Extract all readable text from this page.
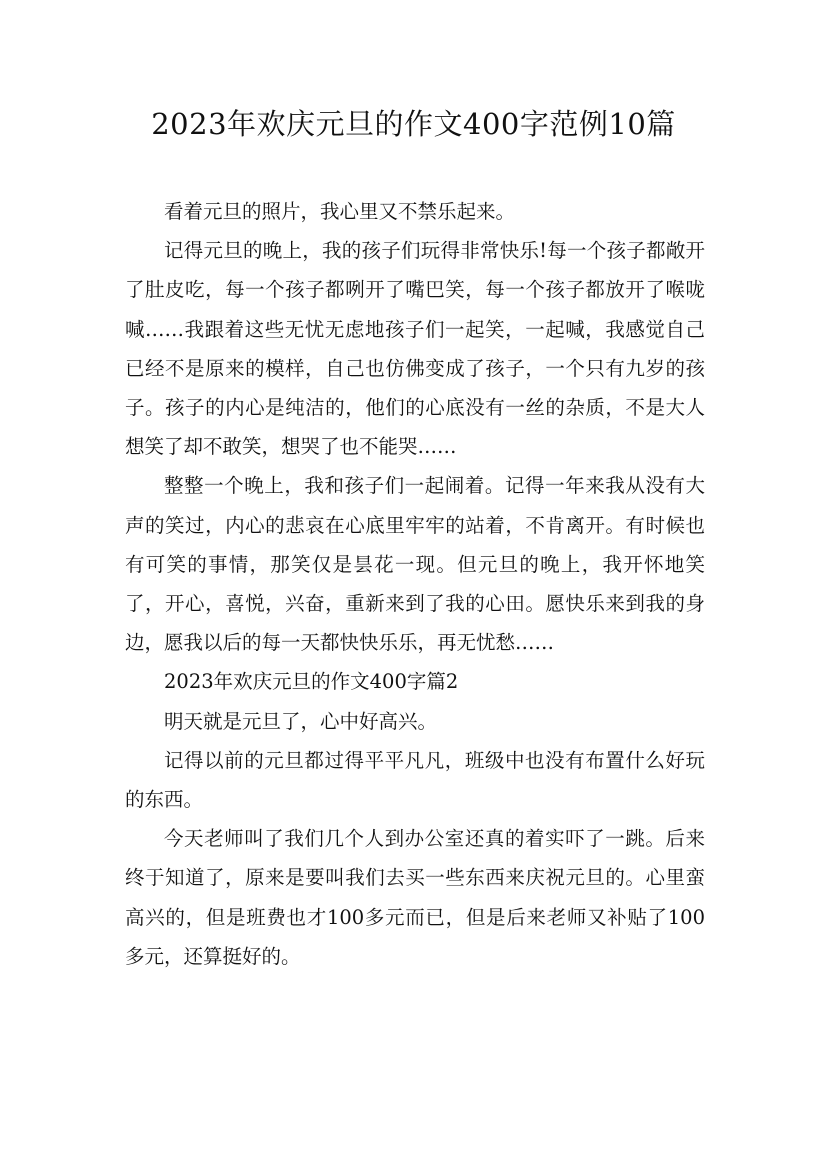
2023年欢庆元旦的作文400字范例10篇

看着元旦的照片，我心里又不禁乐起来。

记得元旦的晚上，我的孩子们玩得非常快乐!每一个孩子都敞开了肚皮吃，每一个孩子都咧开了嘴巴笑，每一个孩子都放开了喉咙喊……我跟着这些无忧无虑地孩子们一起笑，一起喊，我感觉自己已经不是原来的模样，自己也仿佛变成了孩子，一个只有九岁的孩子。孩子的内心是纯洁的，他们的心底没有一丝的杂质，不是大人想笑了却不敢笑，想哭了也不能哭……

整整一个晚上，我和孩子们一起闹着。记得一年来我从没有大声的笑过，内心的悲哀在心底里牢牢的站着，不肯离开。有时候也有可笑的事情，那笑仅是昙花一现。但元旦的晚上，我开怀地笑了，开心，喜悦，兴奋，重新来到了我的心田。愿快乐来到我的身边，愿我以后的每一天都快快乐乐，再无忧愁……

2023年欢庆元旦的作文400字篇2

明天就是元旦了，心中好高兴。

记得以前的元旦都过得平平凡凡，班级中也没有布置什么好玩的东西。

今天老师叫了我们几个人到办公室还真的着实吓了一跳。后来终于知道了，原来是要叫我们去买一些东西来庆祝元旦的。心里蛮高兴的，但是班费也才100多元而已，但是后来老师又补贴了100多元，还算挺好的。
